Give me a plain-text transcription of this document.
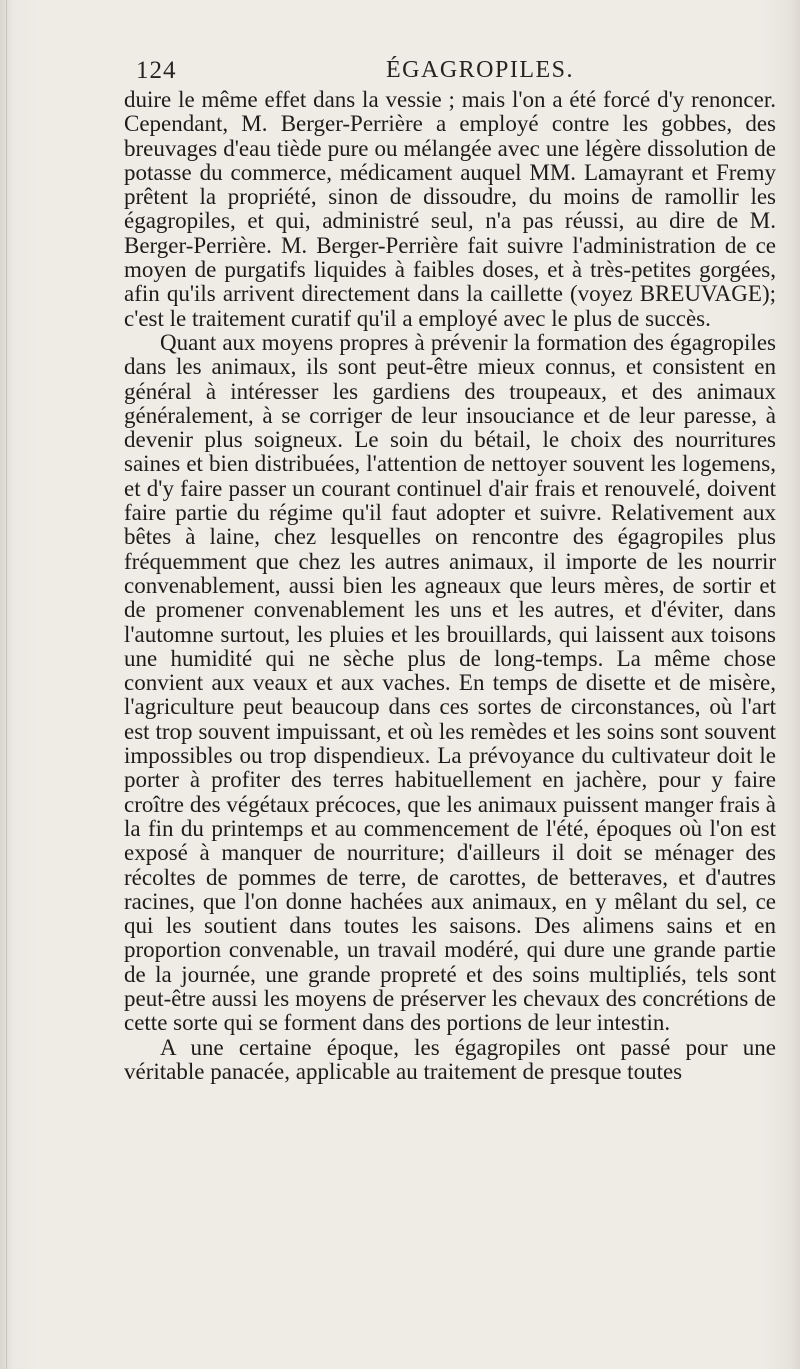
124	ÉGAGROPILES.

duire le même effet dans la vessie ; mais l'on a été forcé d'y renoncer. Cependant, M. Berger-Perrière a employé contre les gobbes, des breuvages d'eau tiède pure ou mélangée avec une légère dissolution de potasse du commerce, médicament auquel MM. Lamayrant et Fremy prêtent la propriété, sinon de dissoudre, du moins de ramollir les égagropiles, et qui, administré seul, n'a pas réussi, au dire de M. Berger-Perrière. M. Berger-Perrière fait suivre l'administration de ce moyen de purgatifs liquides à faibles doses, et à très-petites gorgées, afin qu'ils arrivent directement dans la caillette (voyez BREUVAGE); c'est le traitement curatif qu'il a employé avec le plus de succès.

Quant aux moyens propres à prévenir la formation des égagropiles dans les animaux, ils sont peut-être mieux connus, et consistent en général à intéresser les gardiens des troupeaux, et des animaux généralement, à se corriger de leur insouciance et de leur paresse, à devenir plus soigneux. Le soin du bétail, le choix des nourritures saines et bien distribuées, l'attention de nettoyer souvent les logemens, et d'y faire passer un courant continuel d'air frais et renouvelé, doivent faire partie du régime qu'il faut adopter et suivre. Relativement aux bêtes à laine, chez lesquelles on rencontre des égagropiles plus fréquemment que chez les autres animaux, il importe de les nourrir convenablement, aussi bien les agneaux que leurs mères, de sortir et de promener convenablement les uns et les autres, et d'éviter, dans l'automne surtout, les pluies et les brouillards, qui laissent aux toisons une humidité qui ne sèche plus de long-temps. La même chose convient aux veaux et aux vaches. En temps de disette et de misère, l'agriculture peut beaucoup dans ces sortes de circonstances, où l'art est trop souvent impuissant, et où les remèdes et les soins sont souvent impossibles ou trop dispendieux. La prévoyance du cultivateur doit le porter à profiter des terres habituellement en jachère, pour y faire croître des végétaux précoces, que les animaux puissent manger frais à la fin du printemps et au commencement de l'été, époques où l'on est exposé à manquer de nourriture; d'ailleurs il doit se ménager des récoltes de pommes de terre, de carottes, de betteraves, et d'autres racines, que l'on donne hachées aux animaux, en y mêlant du sel, ce qui les soutient dans toutes les saisons. Des alimens sains et en proportion convenable, un travail modéré, qui dure une grande partie de la journée, une grande propreté et des soins multipliés, tels sont peut-être aussi les moyens de préserver les chevaux des concrétions de cette sorte qui se forment dans des portions de leur intestin.

A une certaine époque, les égagropiles ont passé pour une véritable panacée, applicable au traitement de presque toutes
